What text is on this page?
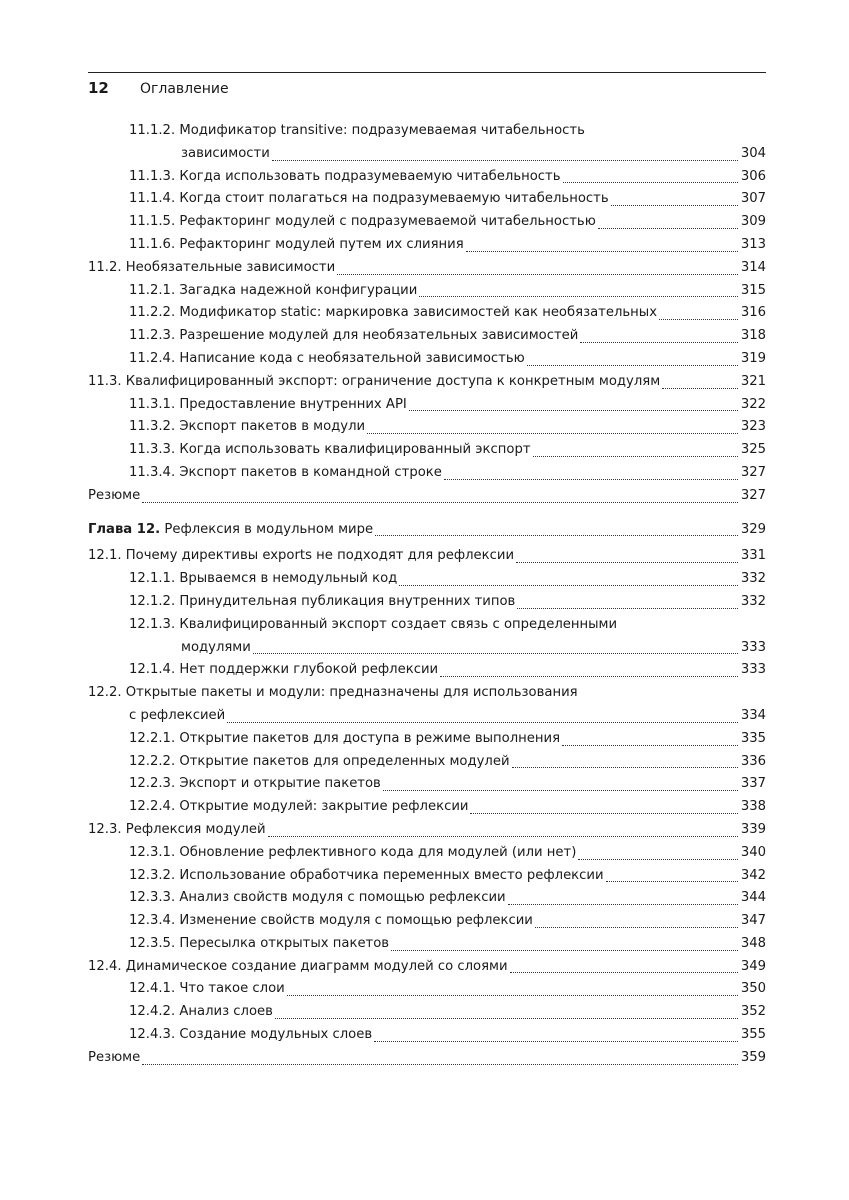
12	Оглавление
11.1.2. Модификатор transitive: подразумеваемая читабельность
зависимости	304
11.1.3. Когда использовать подразумеваемую читабельность	306
11.1.4. Когда стоит полагаться на подразумеваемую читабельность	307
11.1.5. Рефакторинг модулей с подразумеваемой читабельностью	309
11.1.6. Рефакторинг модулей путем их слияния	313
11.2. Необязательные зависимости	314
11.2.1. Загадка надежной конфигурации	315
11.2.2. Модификатор static: маркировка зависимостей как необязательных	316
11.2.3. Разрешение модулей для необязательных зависимостей	318
11.2.4. Написание кода с необязательной зависимостью	319
11.3. Квалифицированный экспорт: ограничение доступа к конкретным модулям	321
11.3.1. Предоставление внутренних API	322
11.3.2. Экспорт пакетов в модули	323
11.3.3. Когда использовать квалифицированный экспорт	325
11.3.4. Экспорт пакетов в командной строке	327
Резюме	327
Глава 12. Рефлексия в модульном мире	329
12.1. Почему директивы exports не подходят для рефлексии	331
12.1.1. Врываемся в немодульный код	332
12.1.2. Принудительная публикация внутренних типов	332
12.1.3. Квалифицированный экспорт создает связь с определенными
модулями	333
12.1.4. Нет поддержки глубокой рефлексии	333
12.2. Открытые пакеты и модули: предназначены для использования
с рефлексией	334
12.2.1. Открытие пакетов для доступа в режиме выполнения	335
12.2.2. Открытие пакетов для определенных модулей	336
12.2.3. Экспорт и открытие пакетов	337
12.2.4. Открытие модулей: закрытие рефлексии	338
12.3. Рефлексия модулей	339
12.3.1. Обновление рефлективного кода для модулей (или нет)	340
12.3.2. Использование обработчика переменных вместо рефлексии	342
12.3.3. Анализ свойств модуля с помощью рефлексии	344
12.3.4. Изменение свойств модуля с помощью рефлексии	347
12.3.5. Пересылка открытых пакетов	348
12.4. Динамическое создание диаграмм модулей со слоями	349
12.4.1. Что такое слои	350
12.4.2. Анализ слоев	352
12.4.3. Создание модульных слоев	355
Резюме	359
